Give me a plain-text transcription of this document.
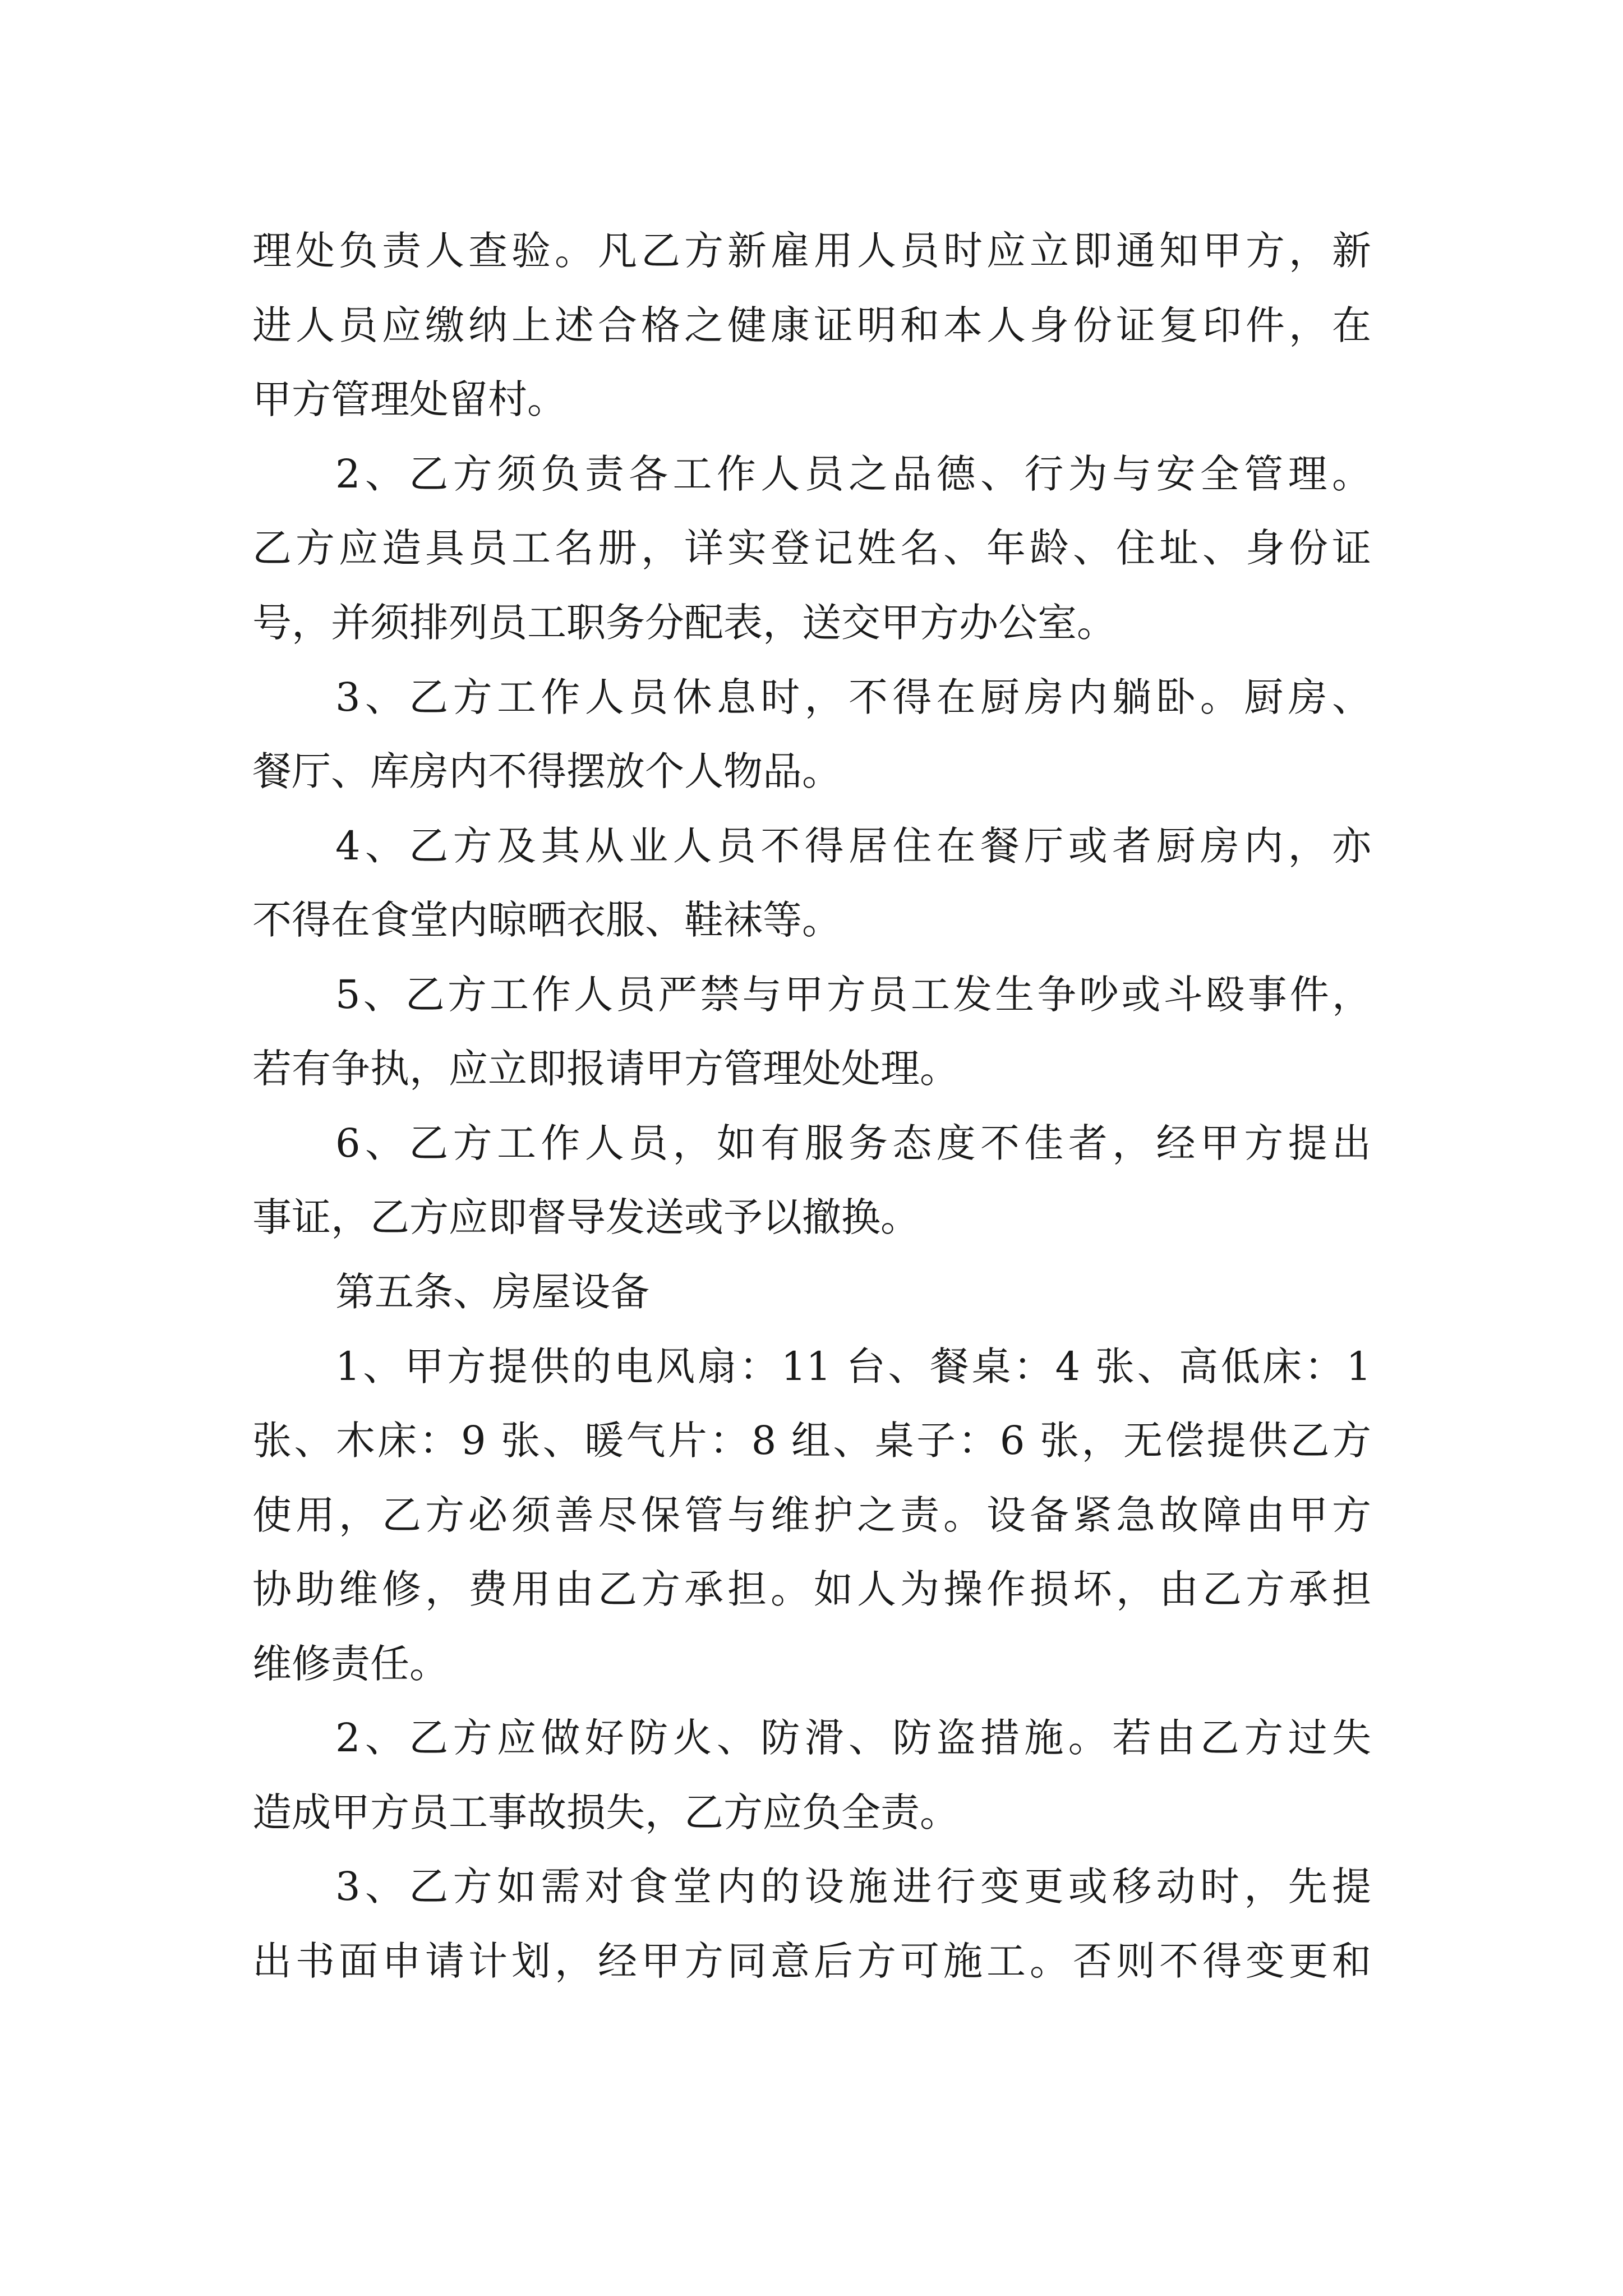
理处负责人查验。凡乙方新雇用人员时应立即通知甲方，新
进人员应缴纳上述合格之健康证明和本人身份证复印件，在
甲方管理处留村。
2、乙方须负责各工作人员之品德、行为与安全管理。
乙方应造具员工名册，详实登记姓名、年龄、住址、身份证
号，并须排列员工职务分配表，送交甲方办公室。
3、乙方工作人员休息时，不得在厨房内躺卧。厨房、
餐厅、库房内不得摆放个人物品。
4、乙方及其从业人员不得居住在餐厅或者厨房内，亦
不得在食堂内晾晒衣服、鞋袜等。
5、乙方工作人员严禁与甲方员工发生争吵或斗殴事件，
若有争执，应立即报请甲方管理处处理。
6、乙方工作人员，如有服务态度不佳者，经甲方提出
事证，乙方应即督导发送或予以撤换。
第五条、房屋设备
1、甲方提供的电风扇：11 台、餐桌：4 张、高低床：1
张、木床：9 张、暖气片：8 组、桌子：6 张，无偿提供乙方
使用，乙方必须善尽保管与维护之责。设备紧急故障由甲方
协助维修，费用由乙方承担。如人为操作损坏，由乙方承担
维修责任。
2、乙方应做好防火、防滑、防盗措施。若由乙方过失
造成甲方员工事故损失，乙方应负全责。
3、乙方如需对食堂内的设施进行变更或移动时，先提
出书面申请计划，经甲方同意后方可施工。否则不得变更和
